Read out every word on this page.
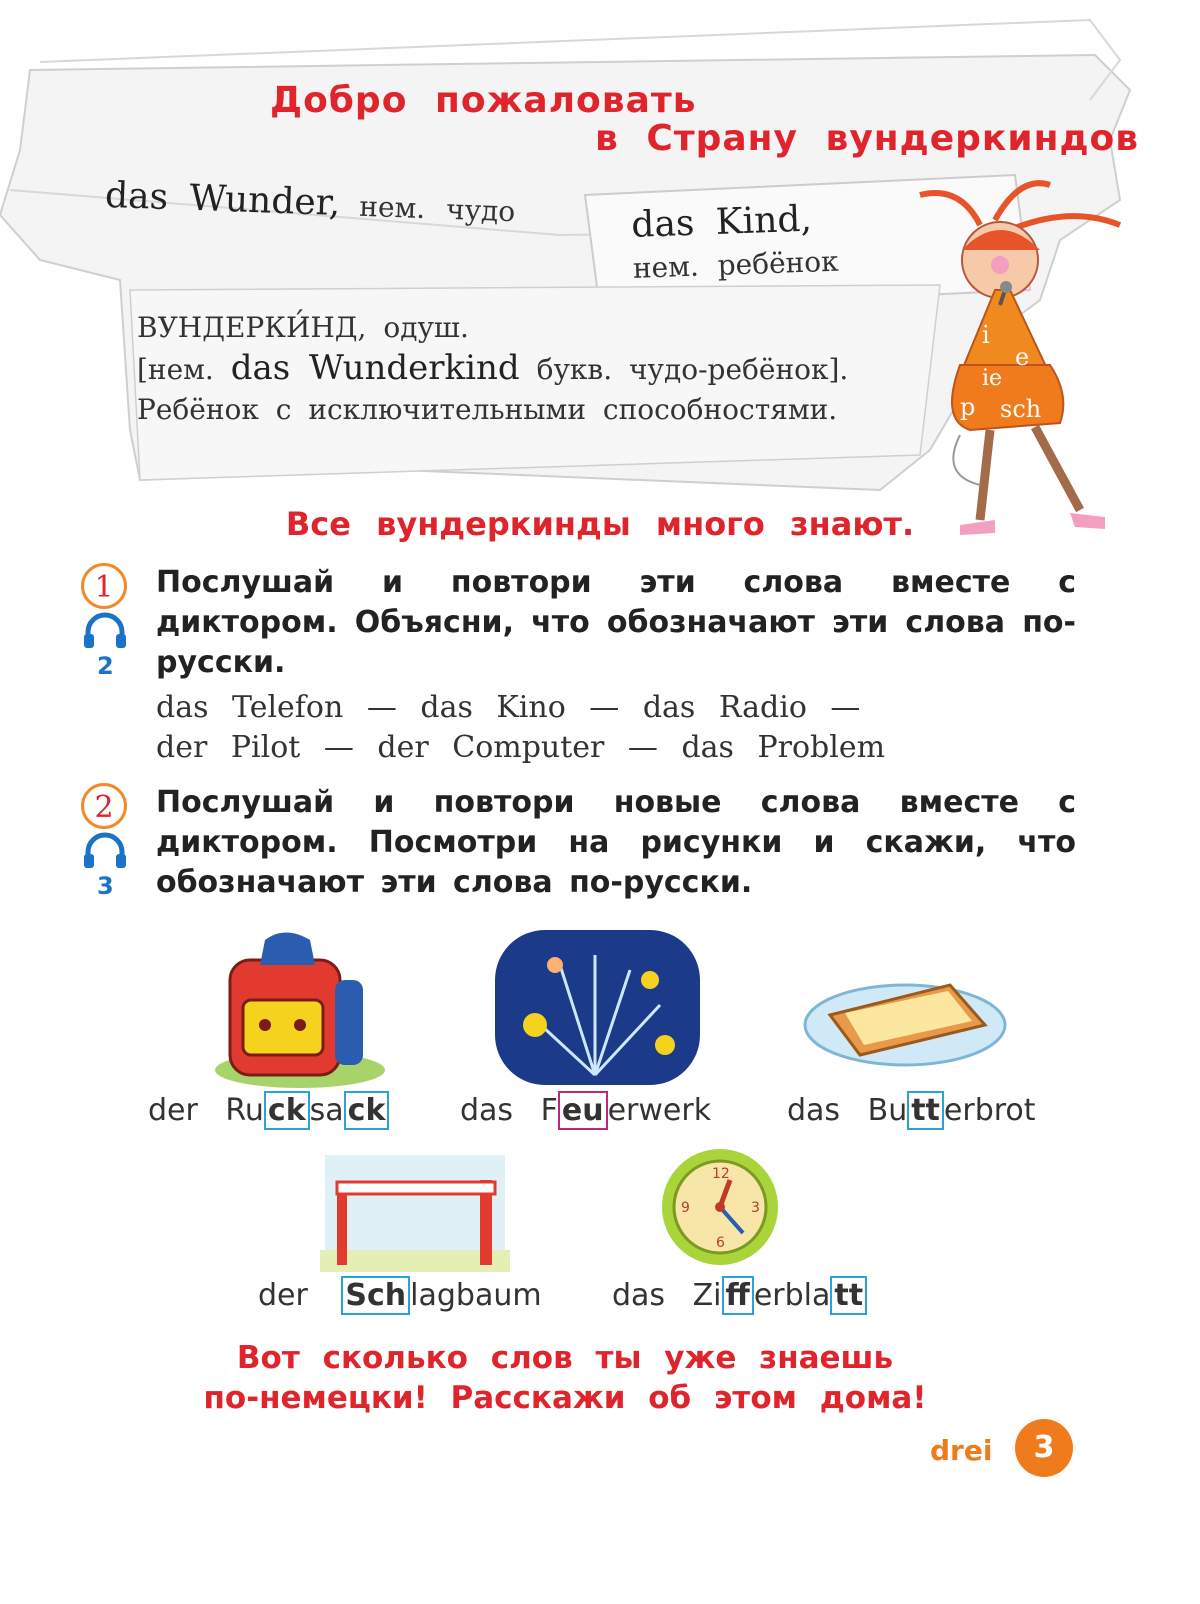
Добро пожаловать
в Страну вундеркиндов
das Wunder, нем. чудо	das Kind,
нем. ребёнок
ВУНДЕРКИ́НД, одуш.
[нем. das Wunderkind букв. чудо-ребёнок].
Ребёнок с исключительными способностями.
i
e
ie
p sch
Все вундеркинды много знают.
1
2
Послушай и повтори эти слова вместе с диктором. Объясни, что обозначают эти слова по-русски.
das Telefon — das Kino — das Radio —
der Pilot — der Computer — das Problem
2
3
Послушай и повтори новые слова вместе с диктором. Посмотри на рисунки и скажи, что обозначают эти слова по-русски.
12
3
6
9
der Ru ck sa ck das F eu erwerk	das Bu tt erbrot
der Sch lagbaum das Zi ff erbla tt
Вот сколько слов ты уже знаешь
по-немецки! Расскажи об этом дома!
drei	3
